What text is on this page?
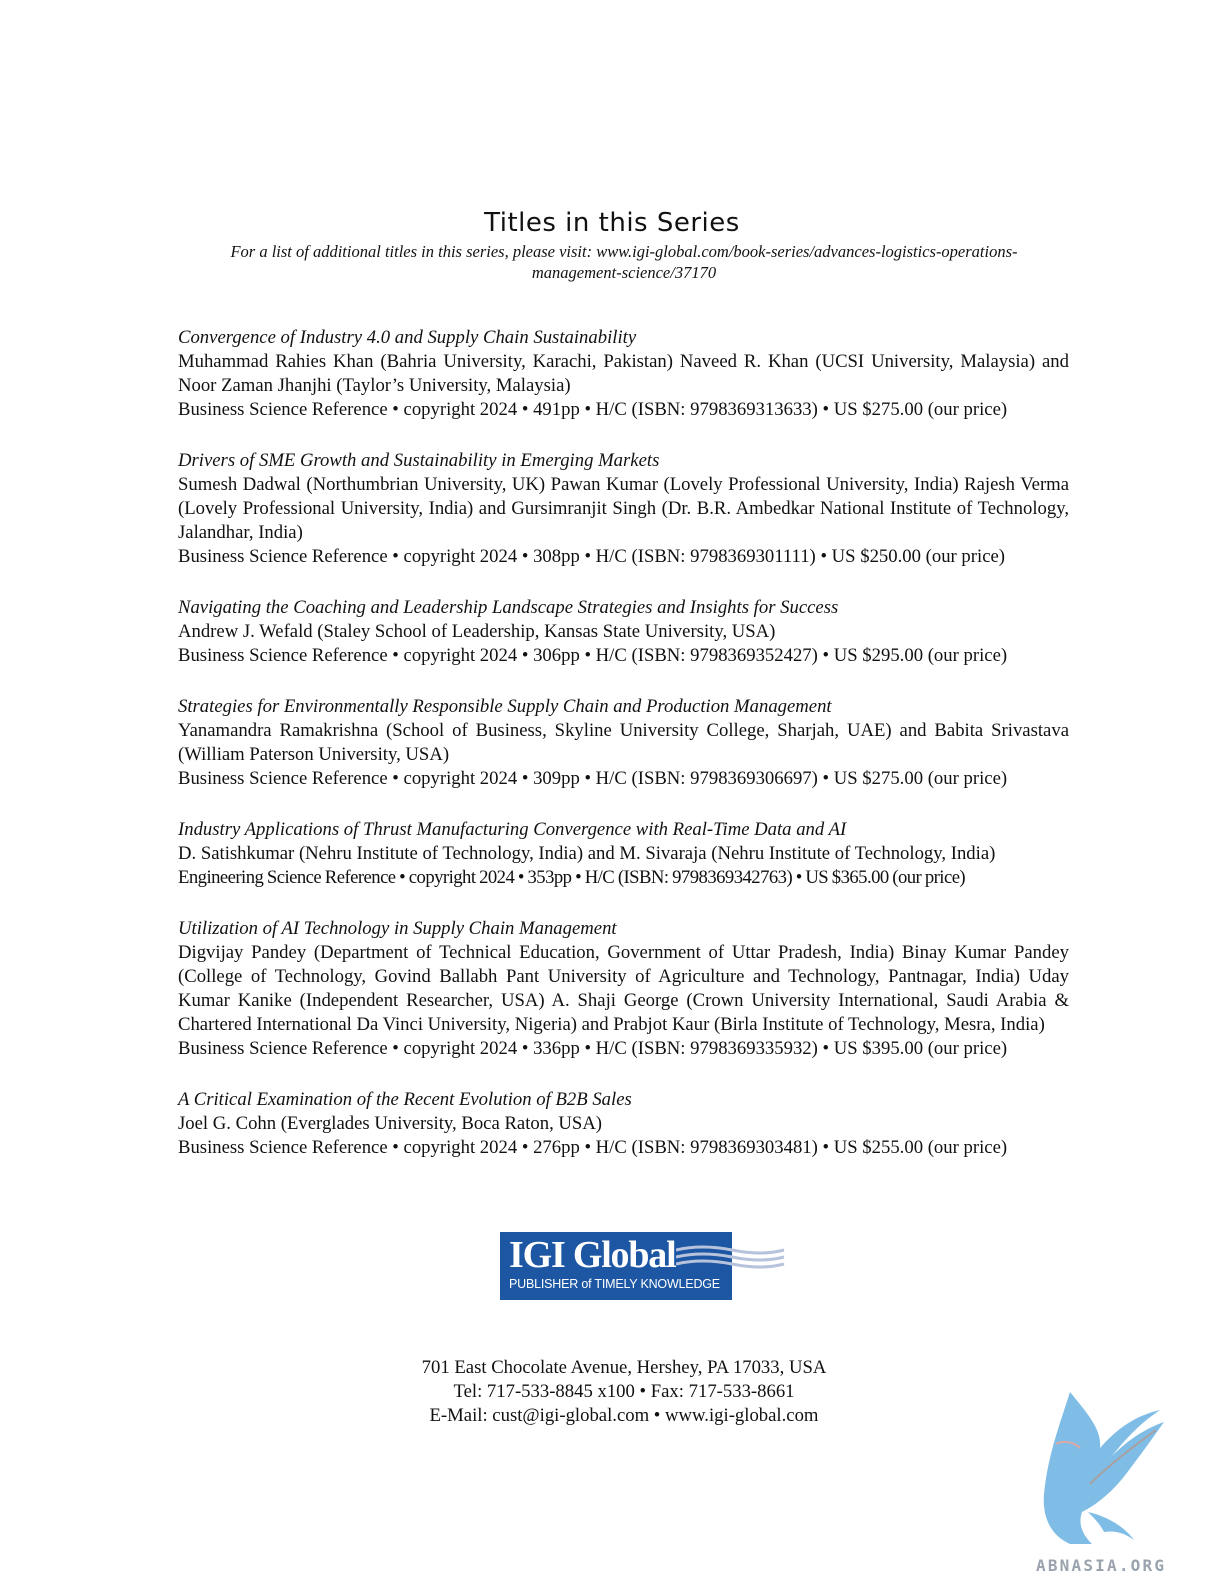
Titles in this Series
For a list of additional titles in this series, please visit: www.igi-global.com/book-series/advances-logistics-operations-
management-science/37170
Convergence of Industry 4.0 and Supply Chain Sustainability
Muhammad Rahies Khan (Bahria University, Karachi, Pakistan) Naveed R. Khan (UCSI University, Malaysia) and Noor Zaman Jhanjhi (Taylor’s University, Malaysia)
Business Science Reference • copyright 2024 • 491pp • H/C (ISBN: 9798369313633) • US $275.00 (our price)
Drivers of SME Growth and Sustainability in Emerging Markets
Sumesh Dadwal (Northumbrian University, UK) Pawan Kumar (Lovely Professional University, India) Rajesh Verma (Lovely Professional University, India) and Gursimranjit Singh (Dr. B.R. Ambedkar National Institute of Technology, Jalandhar, India)
Business Science Reference • copyright 2024 • 308pp • H/C (ISBN: 9798369301111) • US $250.00 (our price)
Navigating the Coaching and Leadership Landscape Strategies and Insights for Success
Andrew J. Wefald (Staley School of Leadership, Kansas State University, USA)
Business Science Reference • copyright 2024 • 306pp • H/C (ISBN: 9798369352427) • US $295.00 (our price)
Strategies for Environmentally Responsible Supply Chain and Production Management
Yanamandra Ramakrishna (School of Business, Skyline University College, Sharjah, UAE) and Babita Srivastava (William Paterson University, USA)
Business Science Reference • copyright 2024 • 309pp • H/C (ISBN: 9798369306697) • US $275.00 (our price)
Industry Applications of Thrust Manufacturing Convergence with Real-Time Data and AI
D. Satishkumar (Nehru Institute of Technology, India) and M. Sivaraja (Nehru Institute of Technology, India)
Engineering Science Reference • copyright 2024 • 353pp • H/C (ISBN: 9798369342763) • US $365.00 (our price)
Utilization of AI Technology in Supply Chain Management
Digvijay Pandey (Department of Technical Education, Government of Uttar Pradesh, India) Binay Kumar Pandey (College of Technology, Govind Ballabh Pant University of Agriculture and Technology, Pantnagar, India) Uday Kumar Kanike (Independent Researcher, USA) A. Shaji George (Crown University International, Saudi Arabia & Chartered International Da Vinci University, Nigeria) and Prabjot Kaur (Birla Institute of Technology, Mesra, India)
Business Science Reference • copyright 2024 • 336pp • H/C (ISBN: 9798369335932) • US $395.00 (our price)
A Critical Examination of the Recent Evolution of B2B Sales
Joel G. Cohn (Everglades University, Boca Raton, USA)
Business Science Reference • copyright 2024 • 276pp • H/C (ISBN: 9798369303481) • US $255.00 (our price)
IGI Global
PUBLISHER of TIMELY KNOWLEDGE
701 East Chocolate Avenue, Hershey, PA 17033, USA
Tel: 717-533-8845 x100 • Fax: 717-533-8661
E-Mail: cust@igi-global.com • www.igi-global.com
ABNASIA.ORG
